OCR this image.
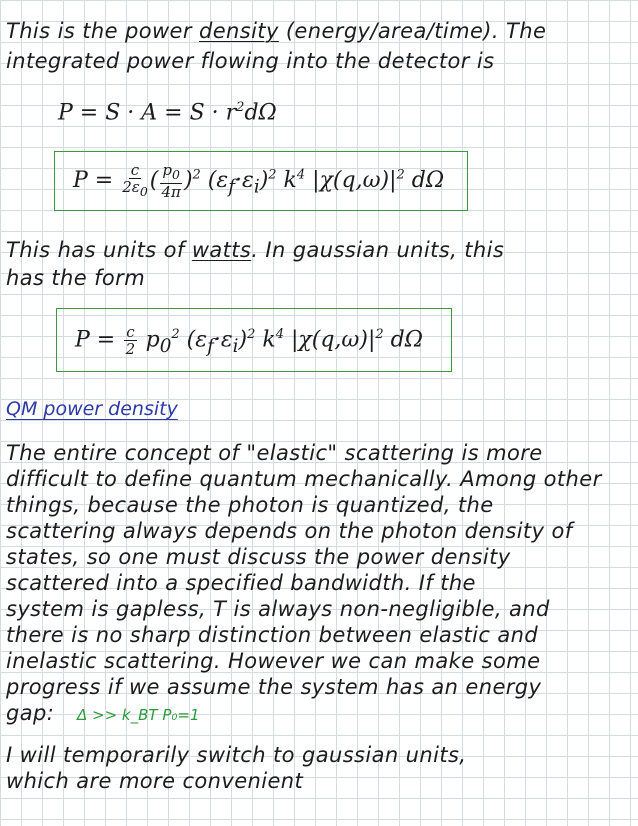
This is the power density (energy/area/time). The
integrated power flowing into the detector is
$P = S \cdot A = S \cdot r^2d\Omega$
$P = \frac{c}{2\varepsilon_0}$ ( $\frac{p_0}{4\pi} )^2$ $(\varepsilon_f\cdot\varepsilon_i)^2$ $k^4$ $|\chi(q,\omega)|^2$ dΩ
This has units of watts. In gaussian units, this
has the form
$P = \frac{c}{2} p_0^2$ $(\varepsilon_f\cdot\varepsilon_i)^2$ $k^4$ $|\chi(q,\omega)|^2$ dΩ
QM power density
The entire concept of "elastic" scattering is more
difficult to define quantum mechanically. Among other
things, because the photon is quantized, the
scattering always depends on the photon density of
states, so one must discuss the power density
scattered into a specified bandwidth. If the
system is gapless, T is always non-negligible, and
there is no sharp distinction between elastic and
inelastic scattering. However we can make some
progress if we assume the system has an energy
gap: Δ >> k_BT P₀=1
I will temporarily switch to gaussian units,
which are more convenient
